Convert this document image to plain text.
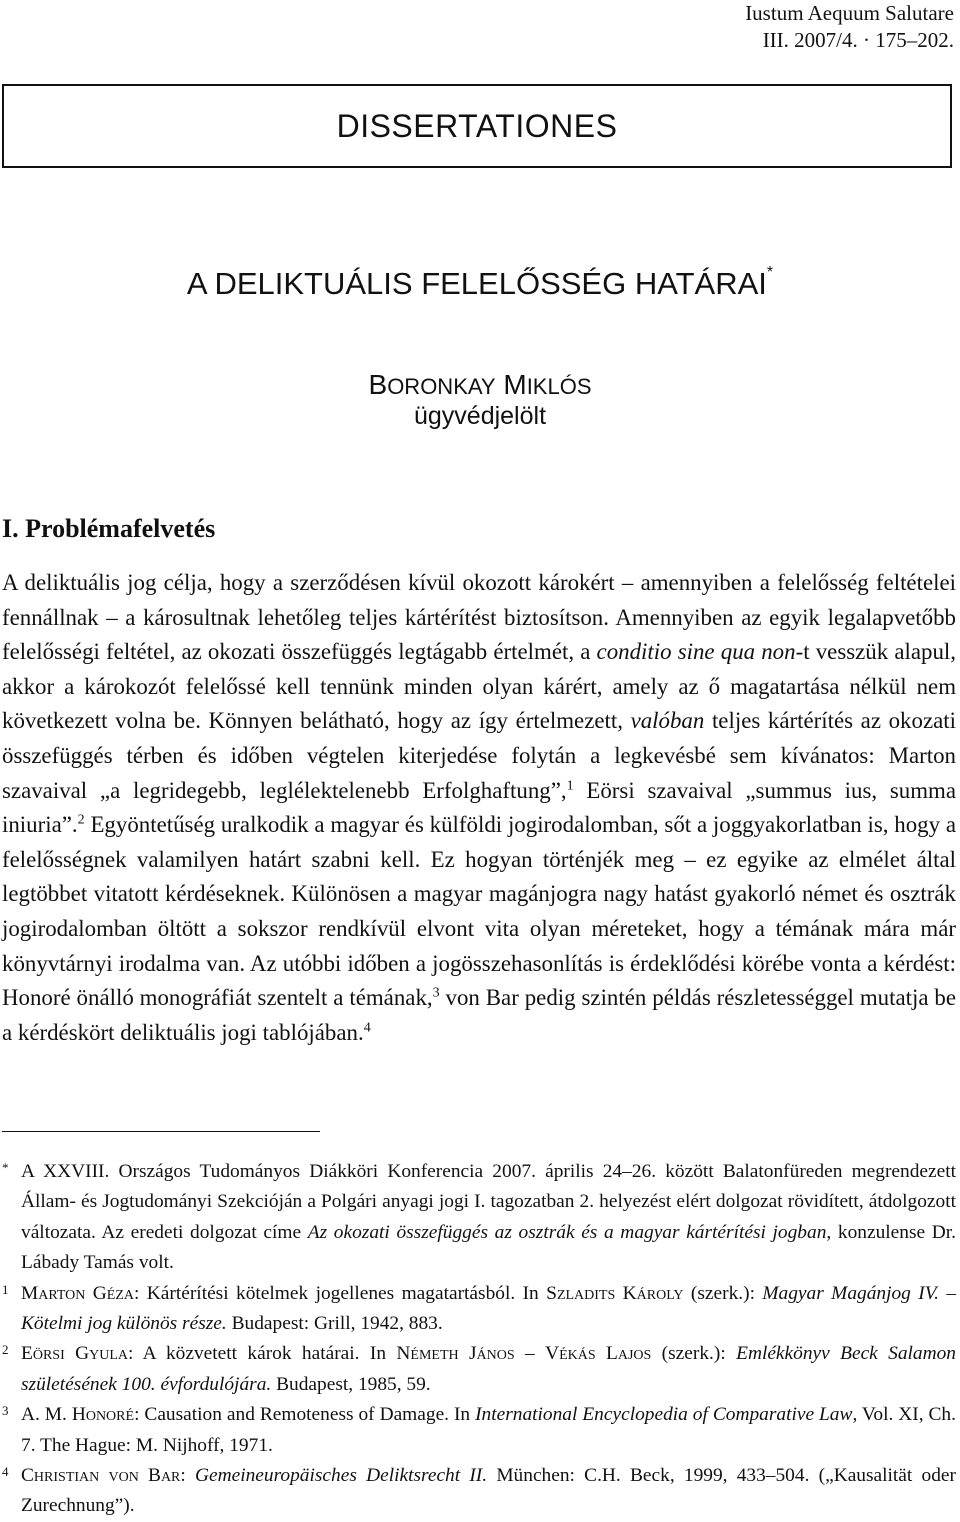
Iustum Aequum Salutare
III. 2007/4. · 175–202.
DISSERTATIONES
A DELIKTUÁLIS FELELŐSSÉG HATÁRAI*
BORONKAY MIKLÓS
ügyvédjelölt
I. Problémafelvetés

A deliktuális jog célja, hogy a szerződésen kívül okozott károkért – amennyiben a felelősség feltételei fennállnak – a károsultnak lehetőleg teljes kártérítést biztosítson. Amennyiben az egyik legalapvetőbb felelősségi feltétel, az okozati összefüggés legtágabb értelmét, a conditio sine qua non-t vesszük alapul, akkor a károkozót felelőssé kell tennünk minden olyan kárért, amely az ő magatartása nélkül nem következett volna be. Könnyen belátható, hogy az így értelmezett, valóban teljes kártérítés az okozati összefüggés térben és időben végtelen kiterjedése folytán a legkevésbé sem kívánatos: Marton szavaival „a legridegebb, leglélektelenebb Erfolghaftung”,$^1$ Eörsi szavaival „summus ius, summa iniuria”.$^2$ Egyöntetűség uralkodik a magyar és külföldi jogirodalomban, sőt a joggyakorlatban is, hogy a felelősségnek valamilyen határt szabni kell. Ez hogyan történjék meg – ez egyike az elmélet által legtöbbet vitatott kérdéseknek. Különösen a magyar magánjogra nagy hatást gyakorló német és osztrák jogirodalomban öltött a sokszor rendkívül elvont vita olyan méreteket, hogy a témának mára már könyvtárnyi irodalma van. Az utóbbi időben a jogösszehasonlítás is érdeklődési körébe vonta a kérdést: Honoré önálló monográfiát szentelt a témának,$^3$ von Bar pedig szintén példás részletességgel mutatja be a kérdéskört deliktuális jogi tablójában.$^4$

* A XXVIII. Országos Tudományos Diákköri Konferencia 2007. április 24–26. között Balatonfüreden megrendezett Állam- és Jogtudományi Szekcióján a Polgári anyagi jogi I. tagozatban 2. helyezést elért dolgozat rövidített, átdolgozott változata. Az eredeti dolgozat címe Az okozati összefüggés az osztrák és a magyar kártérítési jogban, konzulense Dr. Lábady Tamás volt.
1 Marton Géza: Kártérítési kötelmek jogellenes magatartásból. In Szladits Károly (szerk.): Magyar Magánjog IV. – Kötelmi jog különös része. Budapest: Grill, 1942, 883.
2 Eörsi Gyula: A közvetett károk határai. In Németh János – Vékás Lajos (szerk.): Emlékkönyv Beck Salamon születésének 100. évfordulójára. Budapest, 1985, 59.
3 A. M. Honoré: Causation and Remoteness of Damage. In International Encyclopedia of Comparative Law, Vol. XI, Ch. 7. The Hague: M. Nijhoff, 1971.
4 Christian von Bar: Gemeineuropäisches Deliktsrecht II. München: C.H. Beck, 1999, 433–504. („Kausalität oder Zurechnung”).
